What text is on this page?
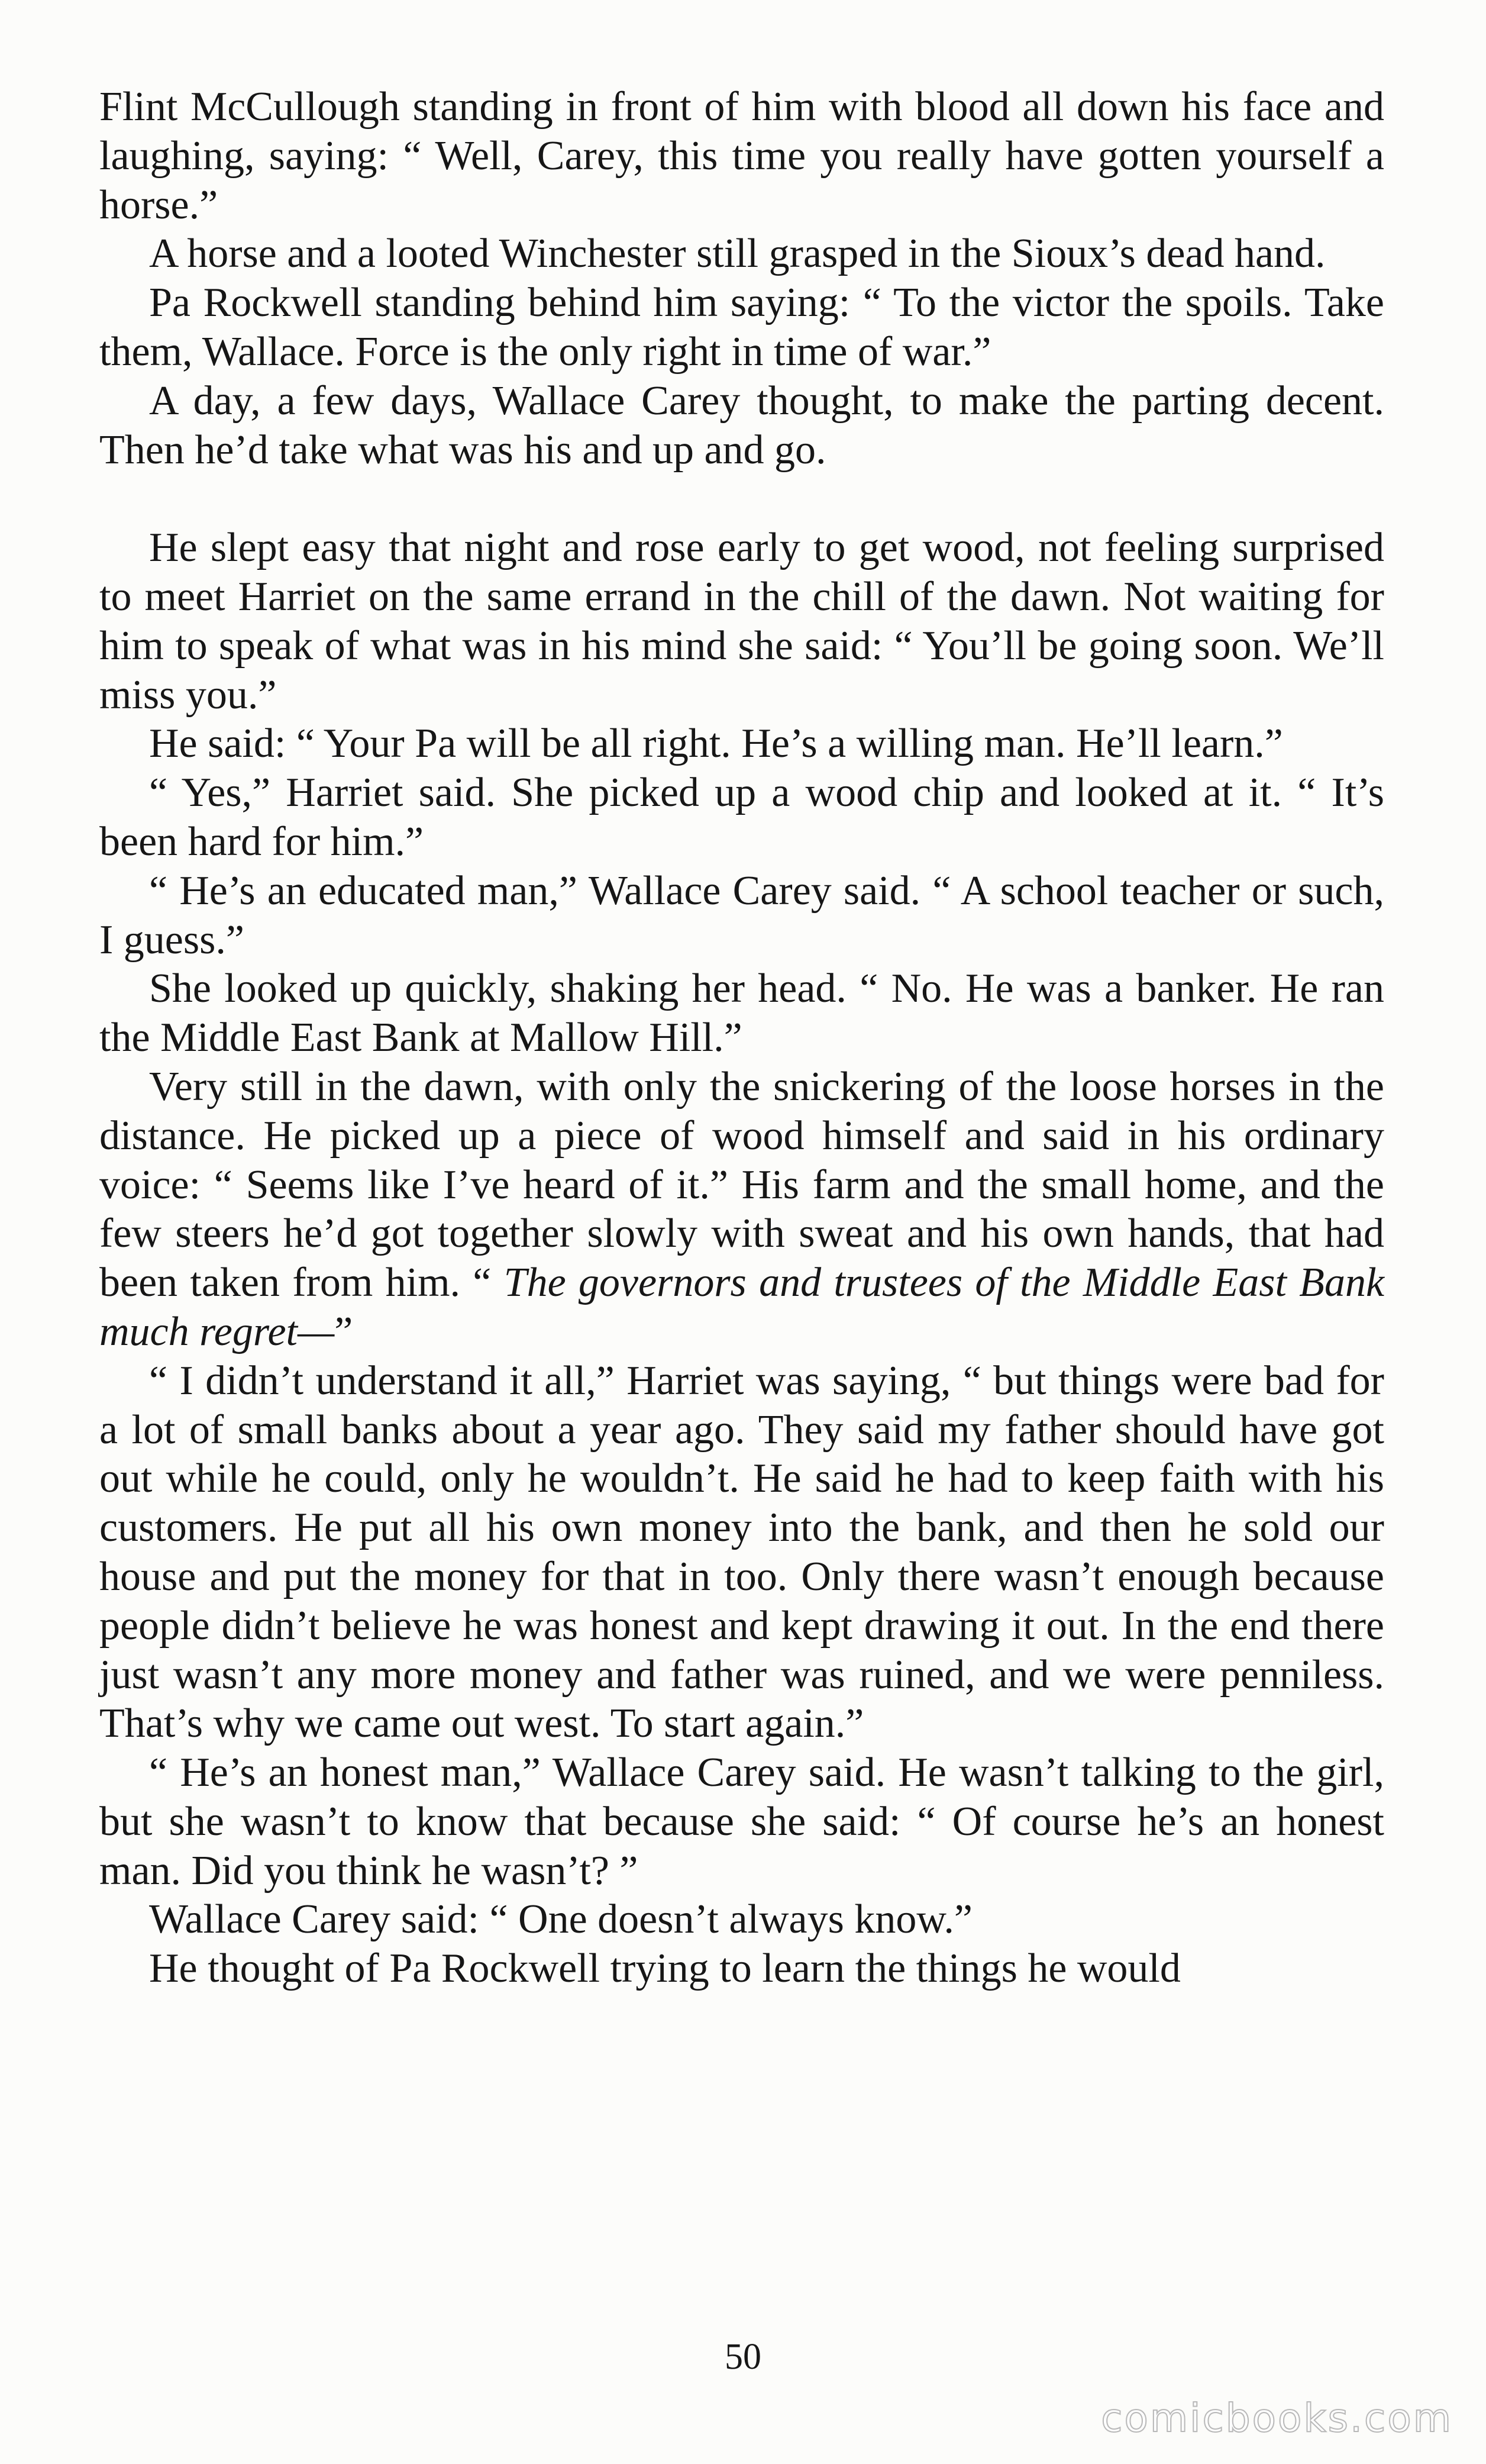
Flint McCullough standing in front of him with blood all down his face and laughing, saying: “ Well, Carey, this time you really have gotten yourself a horse.”

A horse and a looted Winchester still grasped in the Sioux’s dead hand.

Pa Rockwell standing behind him saying: “ To the victor the spoils. Take them, Wallace. Force is the only right in time of war.”

A day, a few days, Wallace Carey thought, to make the parting decent. Then he’d take what was his and up and go.

He slept easy that night and rose early to get wood, not feeling surprised to meet Harriet on the same errand in the chill of the dawn. Not waiting for him to speak of what was in his mind she said: “ You’ll be going soon. We’ll miss you.”

He said: “ Your Pa will be all right. He’s a willing man. He’ll learn.”

“ Yes,” Harriet said. She picked up a wood chip and looked at it. “ It’s been hard for him.”

“ He’s an educated man,” Wallace Carey said. “ A school teacher or such, I guess.”

She looked up quickly, shaking her head. “ No. He was a banker. He ran the Middle East Bank at Mallow Hill.”

Very still in the dawn, with only the snickering of the loose horses in the distance. He picked up a piece of wood himself and said in his ordinary voice: “ Seems like I’ve heard of it.” His farm and the small home, and the few steers he’d got together slowly with sweat and his own hands, that had been taken from him. “ The governors and trustees of the Middle East Bank much regret—”

“ I didn’t understand it all,” Harriet was saying, “ but things were bad for a lot of small banks about a year ago. They said my father should have got out while he could, only he wouldn’t. He said he had to keep faith with his customers. He put all his own money into the bank, and then he sold our house and put the money for that in too. Only there wasn’t enough because people didn’t believe he was honest and kept drawing it out. In the end there just wasn’t any more money and father was ruined, and we were penniless. That’s why we came out west. To start again.”

“ He’s an honest man,” Wallace Carey said. He wasn’t talking to the girl, but she wasn’t to know that because she said: “ Of course he’s an honest man. Did you think he wasn’t? ”

Wallace Carey said: “ One doesn’t always know.”

He thought of Pa Rockwell trying to learn the things he would

50
comicbooks.com
